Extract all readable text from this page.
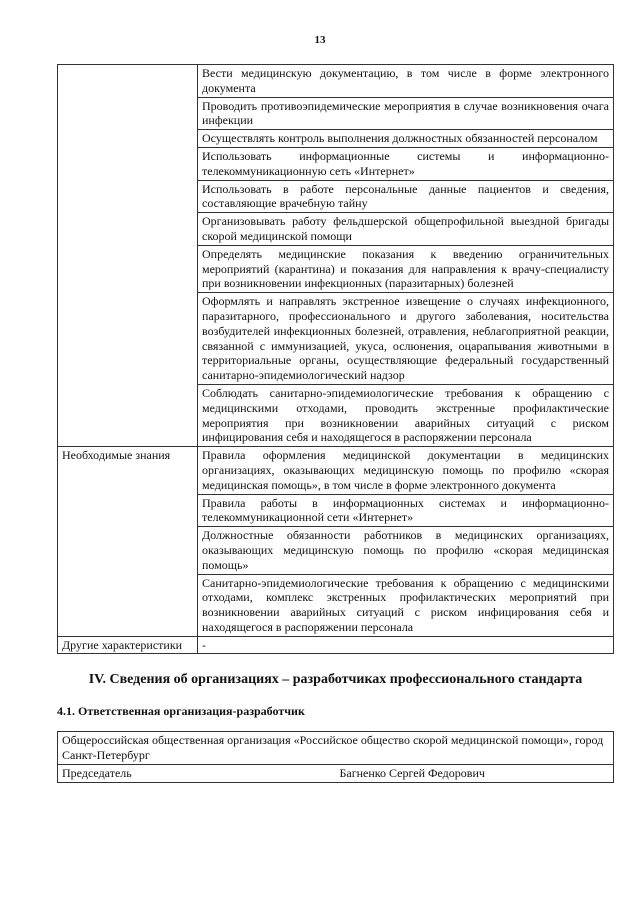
13
	Вести медицинскую документацию, в том числе в форме электронного документа
	Проводить противоэпидемические мероприятия в случае возникновения очага инфекции
	Осуществлять контроль выполнения должностных обязанностей персоналом
	Использовать информационные системы и информационно-телекоммуникационную сеть «Интернет»
	Использовать в работе персональные данные пациентов и сведения, составляющие врачебную тайну
	Организовывать работу фельдшерской общепрофильной выездной бригады скорой медицинской помощи
	Определять медицинские показания к введению ограничительных мероприятий (карантина) и показания для направления к врачу-специалисту при возникновении инфекционных (паразитарных) болезней
	Оформлять и направлять экстренное извещение о случаях инфекционного, паразитарного, профессионального и другого заболевания, носительства возбудителей инфекционных болезней, отравления, неблагоприятной реакции, связанной с иммунизацией, укуса, ослюнения, оцарапывания животными в территориальные органы, осуществляющие федеральный государственный санитарно-эпидемиологический надзор
	Соблюдать санитарно-эпидемиологические требования к обращению с медицинскими отходами, проводить экстренные профилактические мероприятия при возникновении аварийных ситуаций с риском инфицирования себя и находящегося в распоряжении персонала
Необходимые знания	Правила оформления медицинской документации в медицинских организациях, оказывающих медицинскую помощь по профилю «скорая медицинская помощь», в том числе в форме электронного документа
	Правила работы в информационных системах и информационно-телекоммуникационной сети «Интернет»
	Должностные обязанности работников в медицинских организациях, оказывающих медицинскую помощь по профилю «скорая медицинская помощь»
	Санитарно-эпидемиологические требования к обращению с медицинскими отходами, комплекс экстренных профилактических мероприятий при возникновении аварийных ситуаций с риском инфицирования себя и находящегося в распоряжении персонала
Другие характеристики	-
IV. Сведения об организациях – разработчиках профессионального стандарта
4.1. Ответственная организация-разработчик
Общероссийская общественная организация «Российское общество скорой медицинской помощи», город Санкт-Петербург
Председатель	Багненко Сергей Федорович
